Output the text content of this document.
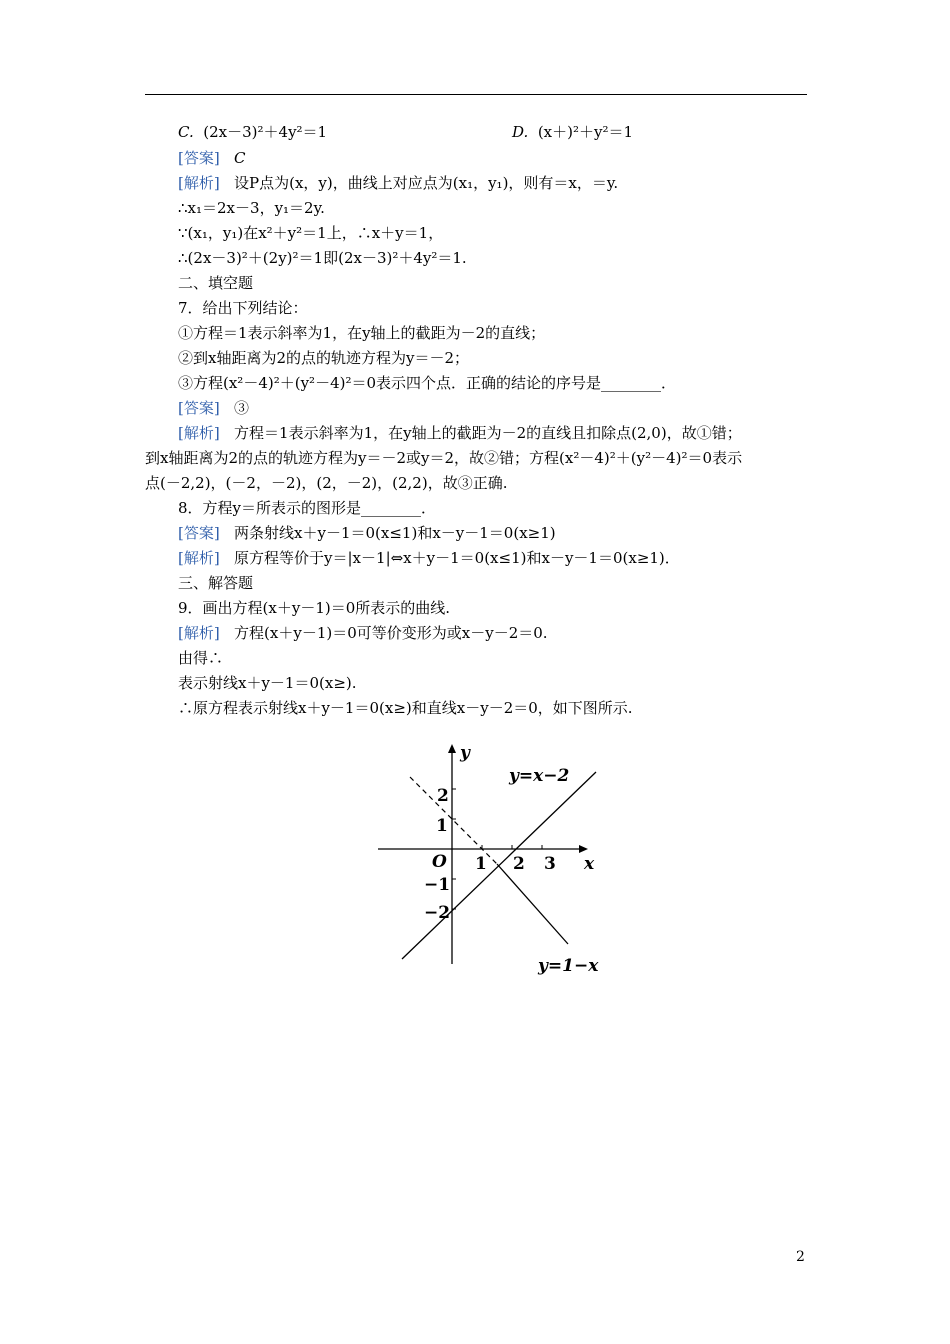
C. (2x－3)²＋4y²＝1	D. (x＋)²＋y²＝1
[答案] C
[解析] 设P点为(x，y)，曲线上对应点为(x₁，y₁)，则有＝x，＝y.
∴x₁＝2x－3，y₁＝2y.
∵(x₁，y₁)在x²＋y²＝1上，∴x＋y＝1，
∴(2x－3)²＋(2y)²＝1即(2x－3)²＋4y²＝1.
二、填空题
7．给出下列结论：
①方程＝1表示斜率为1，在y轴上的截距为－2的直线；
②到x轴距离为2的点的轨迹方程为y＝－2；
③方程(x²－4)²＋(y²－4)²＝0表示四个点．正确的结论的序号是________．
[答案] ③
[解析] 方程＝1表示斜率为1，在y轴上的截距为－2的直线且扣除点(2,0)，故①错；
到x轴距离为2的点的轨迹方程为y＝－2或y＝2，故②错；方程(x²－4)²＋(y²－4)²＝0表示
点(－2,2)，(－2，－2)，(2，－2)，(2,2)，故③正确.
8．方程y＝所表示的图形是________．
[答案] 两条射线x＋y－1＝0(x≤1)和x－y－1＝0(x≥1)
[解析] 原方程等价于y＝|x－1|⇔x＋y－1＝0(x≤1)和x－y－1＝0(x≥1)．
三、解答题
9．画出方程(x＋y－1)＝0所表示的曲线.
[解析] 方程(x＋y－1)＝0可等价变形为或x－y－2＝0.
由得∴
表示射线x＋y－1＝0(x≥).
∴原方程表示射线x＋y－1＝0(x≥)和直线x－y－2＝0，如下图所示.
y
x
O 1 2 3
2
1
−1
−2
y=x−2
y=1−x
2
